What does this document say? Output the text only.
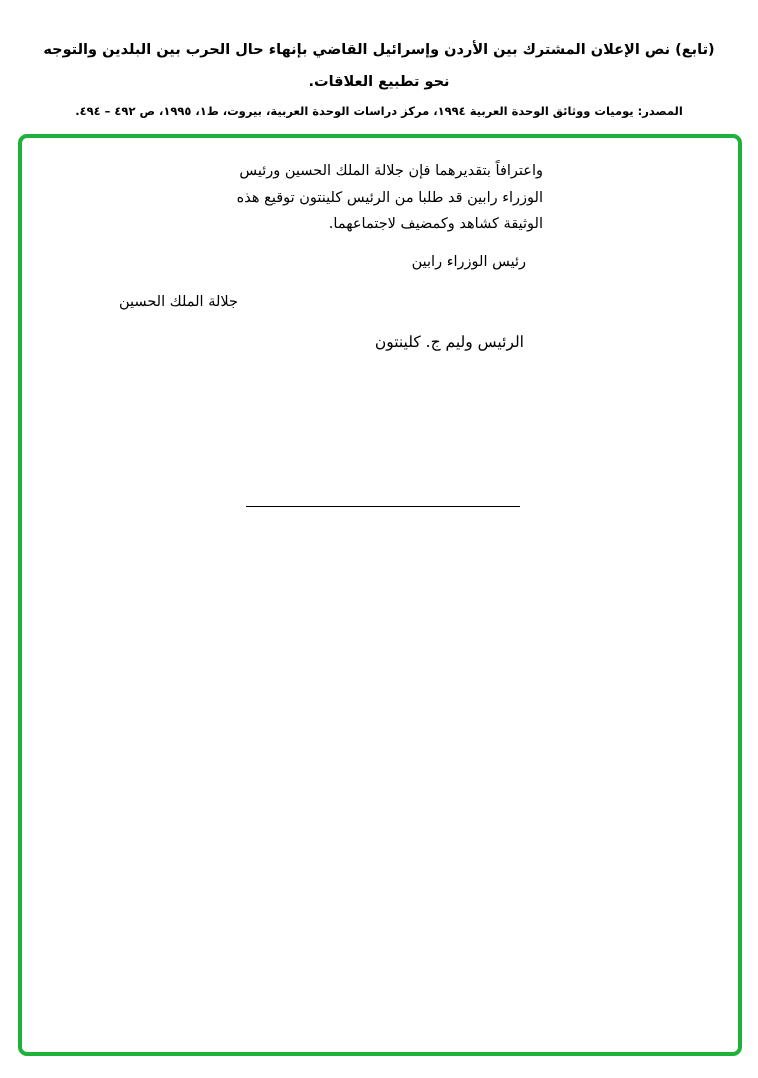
(تابع) نص الإعلان المشترك بين الأردن وإسرائيل القاضي بإنهاء حال الحرب بين البلدين والتوجه نحو تطبيع العلاقات.

المصدر: يوميات ووثائق الوحدة العربية ١٩٩٤، مركز دراسات الوحدة العربية، بيروت، ط١، ١٩٩٥، ص ٤٩٢ – ٤٩٤.

واعترافاً بتقديرهما فإن جلالة الملك الحسين ورئيس الوزراء رابين قد طلبا من الرئيس كلينتون توقيع هذه الوثيقة كشاهد وكمضيف لاجتماعهما.
رئيس الوزراء رابين
جلالة الملك الحسين
الرئيس وليم ج. كلينتون
